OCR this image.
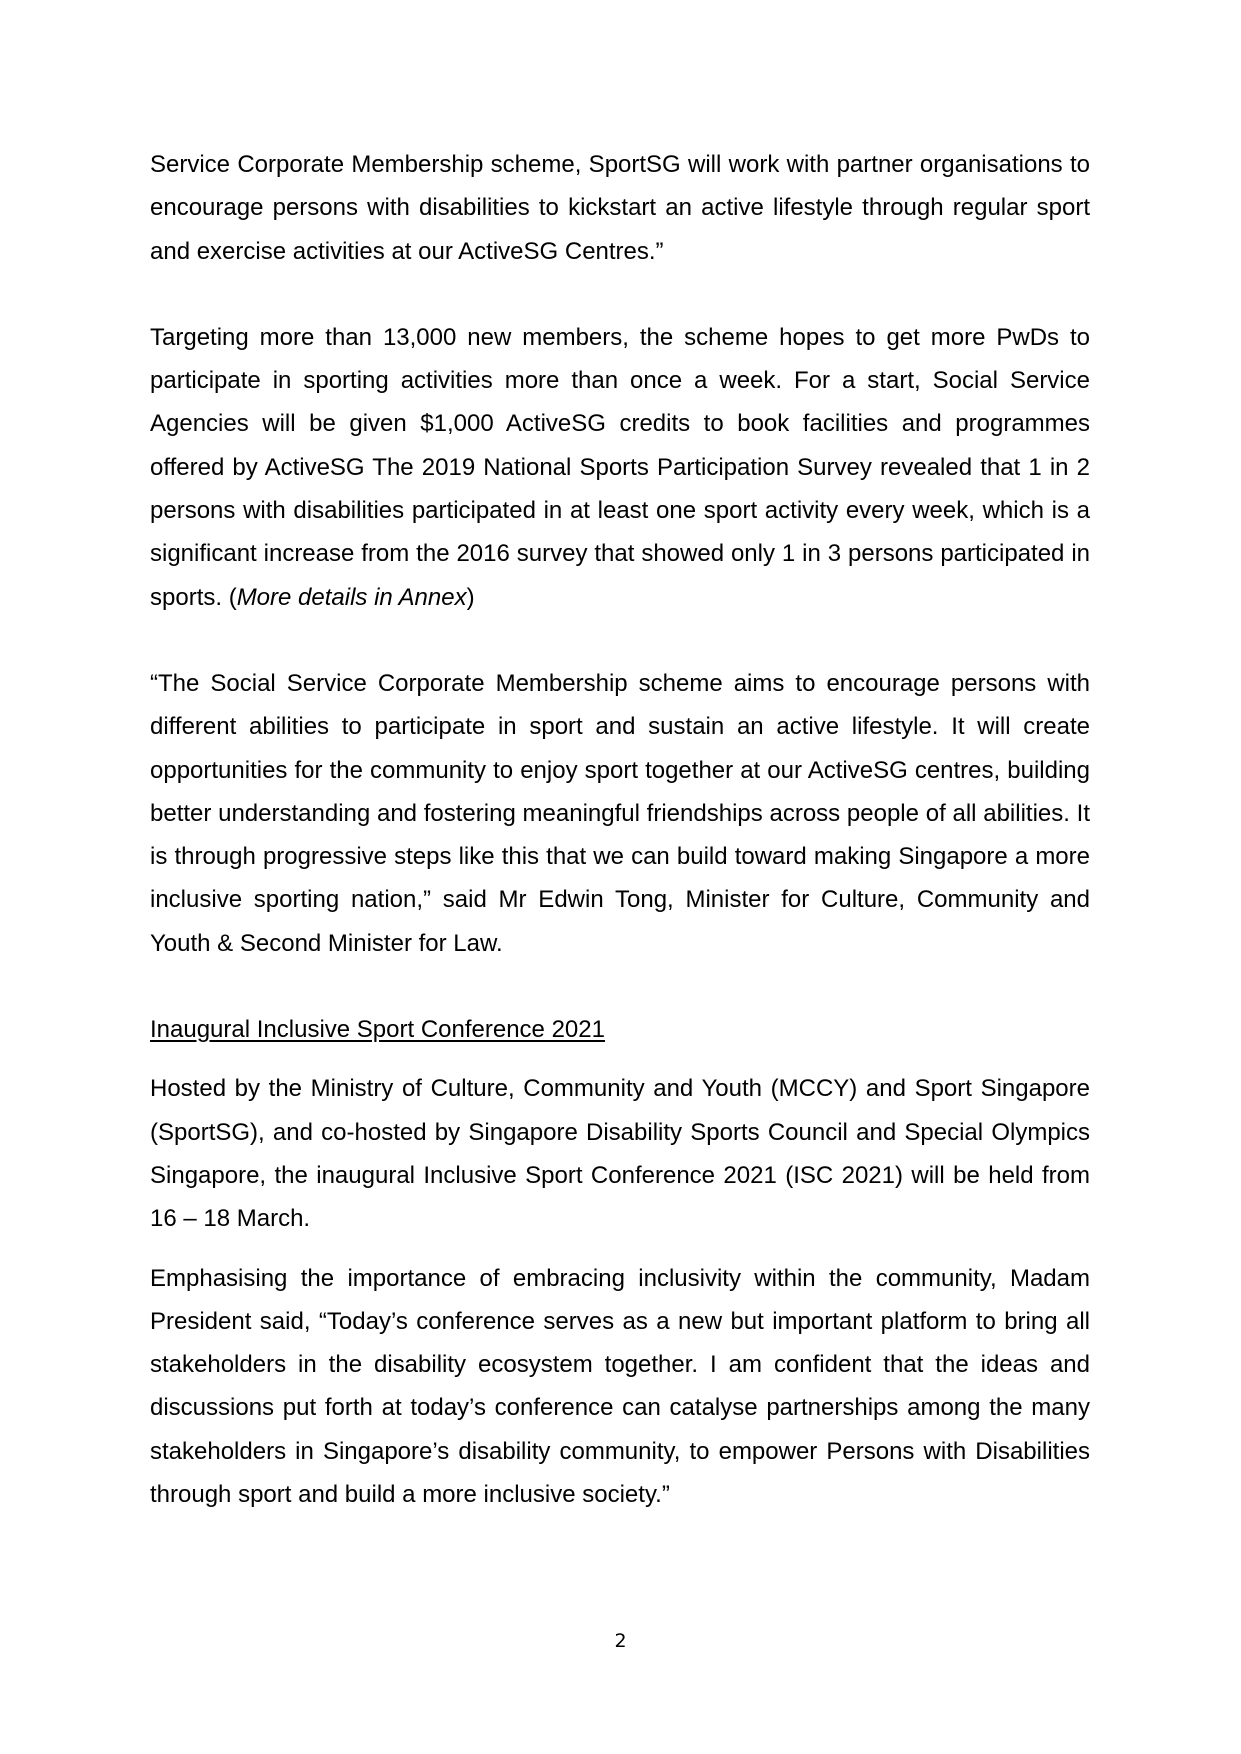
Service Corporate Membership scheme, SportSG will work with partner organisations to encourage persons with disabilities to kickstart an active lifestyle through regular sport and exercise activities at our ActiveSG Centres.”

Targeting more than 13,000 new members, the scheme hopes to get more PwDs to participate in sporting activities more than once a week. For a start, Social Service Agencies will be given $1,000 ActiveSG credits to book facilities and programmes offered by ActiveSG The 2019 National Sports Participation Survey revealed that 1 in 2 persons with disabilities participated in at least one sport activity every week, which is a significant increase from the 2016 survey that showed only 1 in 3 persons participated in sports. (More details in Annex)

“The Social Service Corporate Membership scheme aims to encourage persons with different abilities to participate in sport and sustain an active lifestyle. It will create opportunities for the community to enjoy sport together at our ActiveSG centres, building better understanding and fostering meaningful friendships across people of all abilities. It is through progressive steps like this that we can build toward making Singapore a more inclusive sporting nation,” said Mr Edwin Tong, Minister for Culture, Community and Youth & Second Minister for Law.

Inaugural Inclusive Sport Conference 2021

Hosted by the Ministry of Culture, Community and Youth (MCCY) and Sport Singapore (SportSG), and co-hosted by Singapore Disability Sports Council and Special Olympics Singapore, the inaugural Inclusive Sport Conference 2021 (ISC 2021) will be held from 16 – 18 March.

Emphasising the importance of embracing inclusivity within the community, Madam President said, “Today’s conference serves as a new but important platform to bring all stakeholders in the disability ecosystem together. I am confident that the ideas and discussions put forth at today’s conference can catalyse partnerships among the many stakeholders in Singapore’s disability community, to empower Persons with Disabilities through sport and build a more inclusive society.”

2
